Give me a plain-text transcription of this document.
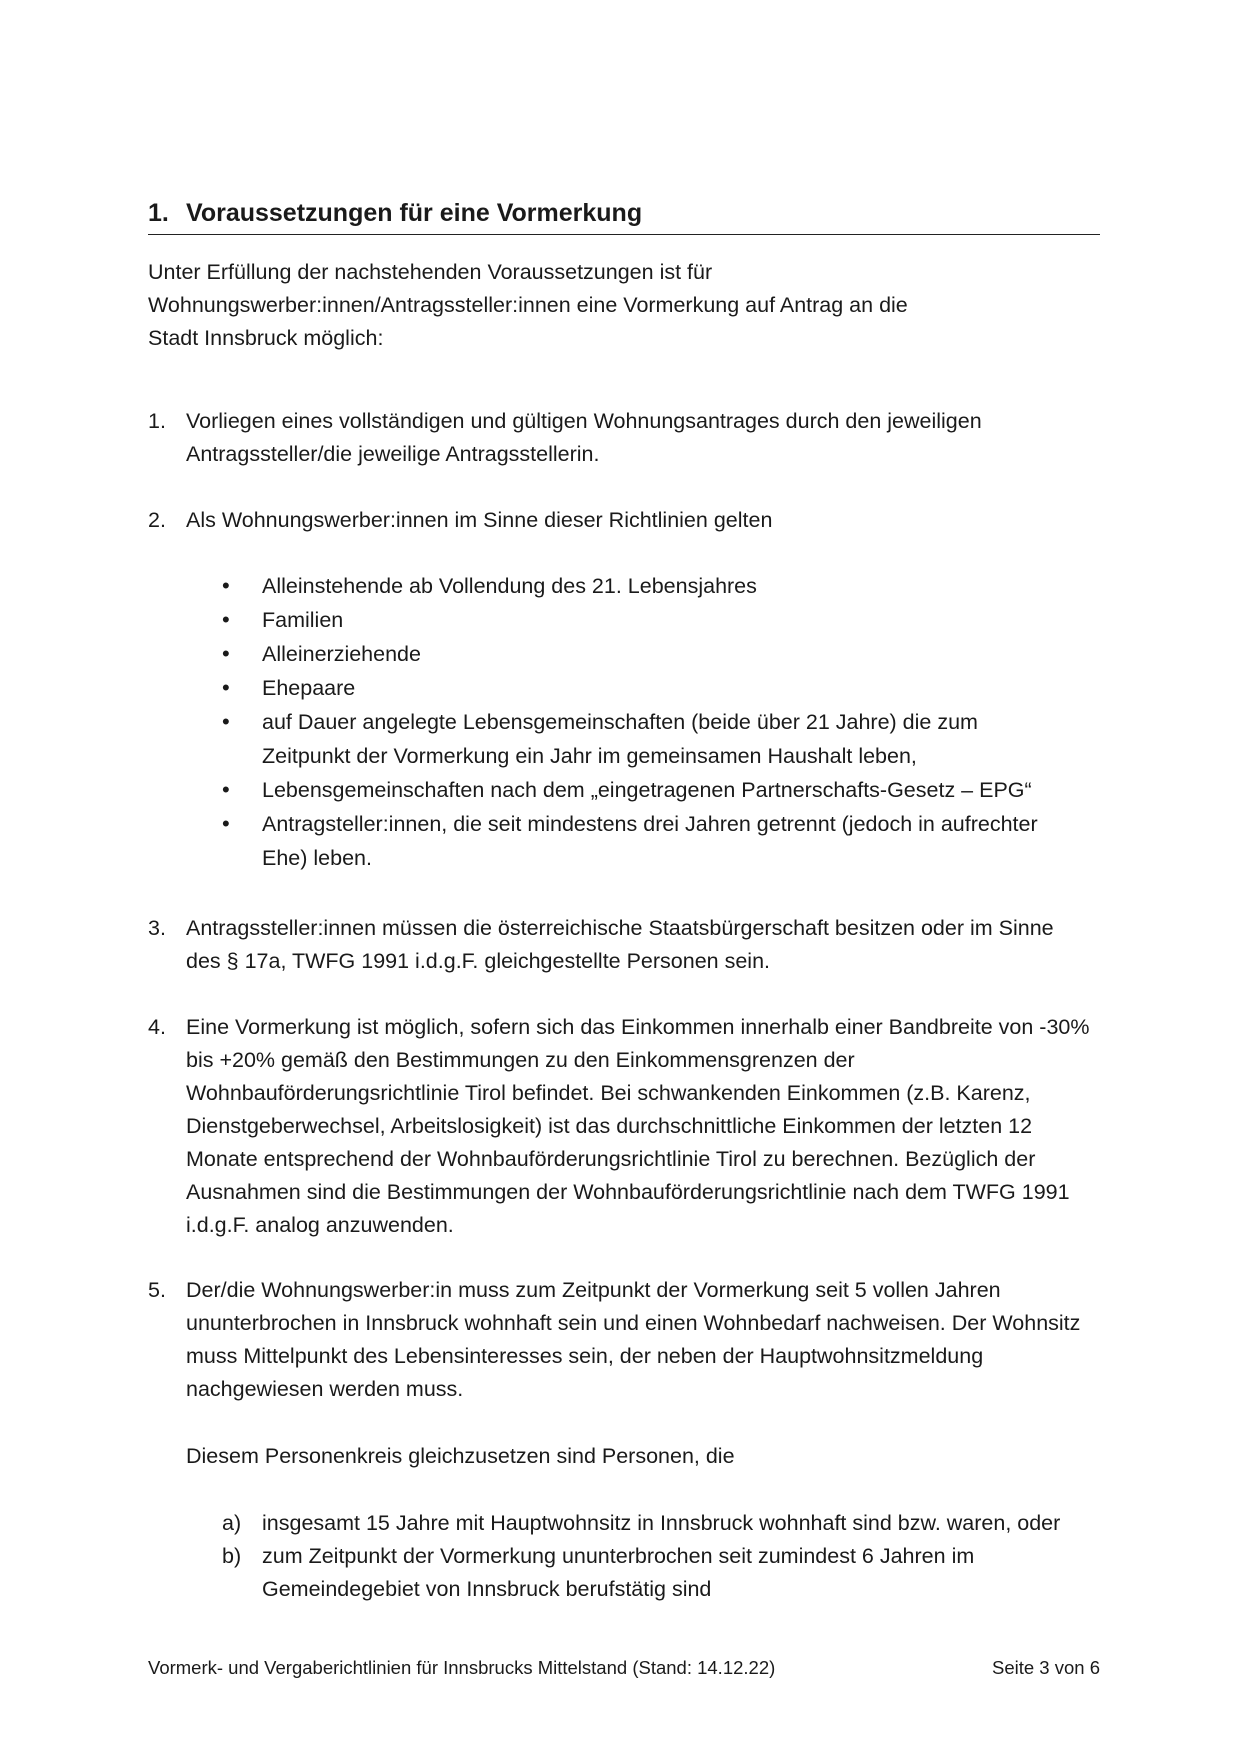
1. Voraussetzungen für eine Vormerkung

Unter Erfüllung der nachstehenden Voraussetzungen ist für Wohnungswerber:innen/Antragssteller:innen eine Vormerkung auf Antrag an die Stadt Innsbruck möglich:

1. Vorliegen eines vollständigen und gültigen Wohnungsantrages durch den jeweiligen Antragssteller/die jeweilige Antragsstellerin.
2. Als Wohnungswerber:innen im Sinne dieser Richtlinien gelten
•	Alleinstehende ab Vollendung des 21. Lebensjahres
•	Familien
•	Alleinerziehende
•	Ehepaare
•	auf Dauer angelegte Lebensgemeinschaften (beide über 21 Jahre) die zum Zeitpunkt der Vormerkung ein Jahr im gemeinsamen Haushalt leben,
•	Lebensgemeinschaften nach dem „eingetragenen Partnerschafts-Gesetz – EPG“
•	Antragsteller:innen, die seit mindestens drei Jahren getrennt (jedoch in aufrechter Ehe) leben.
3. Antragssteller:innen müssen die österreichische Staatsbürgerschaft besitzen oder im Sinne des § 17a, TWFG 1991 i.d.g.F. gleichgestellte Personen sein.
4. Eine Vormerkung ist möglich, sofern sich das Einkommen innerhalb einer Bandbreite von -30% bis +20% gemäß den Bestimmungen zu den Einkommensgrenzen der Wohnbauförderungsrichtlinie Tirol befindet. Bei schwankenden Einkommen (z.B. Karenz, Dienstgeberwechsel, Arbeitslosigkeit) ist das durchschnittliche Einkommen der letzten 12 Monate entsprechend der Wohnbauförderungsrichtlinie Tirol zu berechnen. Bezüglich der Ausnahmen sind die Bestimmungen der Wohnbauförderungsrichtlinie nach dem TWFG 1991 i.d.g.F. analog anzuwenden.
5. Der/die Wohnungswerber:in muss zum Zeitpunkt der Vormerkung seit 5 vollen Jahren ununterbrochen in Innsbruck wohnhaft sein und einen Wohnbedarf nachweisen. Der Wohnsitz muss Mittelpunkt des Lebensinteresses sein, der neben der Hauptwohnsitzmeldung nachgewiesen werden muss.

Diesem Personenkreis gleichzusetzen sind Personen, die

a) insgesamt 15 Jahre mit Hauptwohnsitz in Innsbruck wohnhaft sind bzw. waren, oder
b) zum Zeitpunkt der Vormerkung ununterbrochen seit zumindest 6 Jahren im Gemeindegebiet von Innsbruck berufstätig sind
Vormerk- und Vergaberichtlinien für Innsbrucks Mittelstand (Stand: 14.12.22)	Seite 3 von 6
